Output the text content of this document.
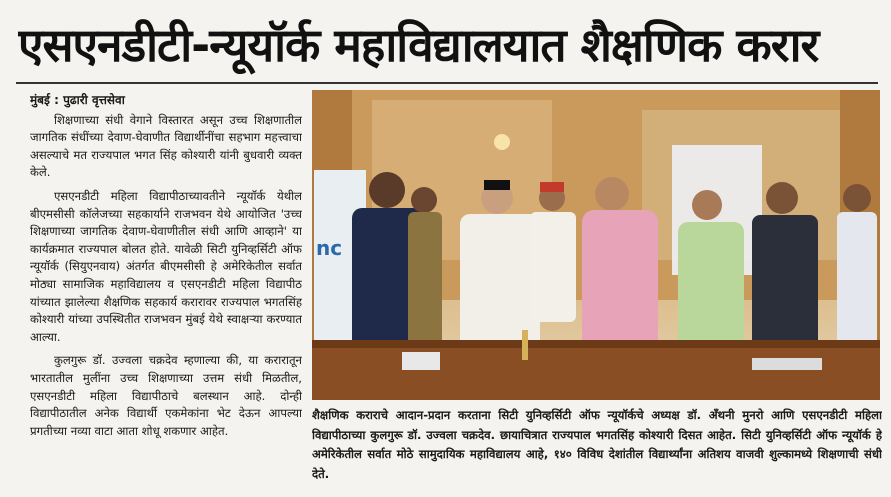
एसएनडीटी-न्यूयॉर्क महाविद्यालयात शैक्षणिक करार
मुंबई : पुढारी वृत्तसेवा

शिक्षणाच्या संधी वेगाने विस्तारत असून उच्च शिक्षणातील जागतिक संधींच्या देवाण-घेवाणीत विद्यार्थीनींचा सहभाग महत्त्वाचा असल्याचे मत राज्यपाल भगत सिंह कोश्यारी यांनी बुधवारी व्यक्त केले.

एसएनडीटी महिला विद्यापीठाच्यावतीने न्यूयॉर्क येथील बीएमसीसी कॉलेजच्या सहकार्याने राजभवन येथे आयोजित 'उच्च शिक्षणाच्या जागतिक देवाण-घेवाणीतील संधी आणि आव्हाने' या कार्यक्रमात राज्यपाल बोलत होते. यावेळी सिटी युनिव्हर्सिटी ऑफ न्यूयॉर्क (सियुएनवाय) अंतर्गत बीएमसीसी हे अमेरिकेतील सर्वात मोठ्या सामाजिक महाविद्यालय व एसएनडीटी महिला विद्यापीठ यांच्यात झालेल्या शैक्षणिक सहकार्य करारावर राज्यपाल भगतसिंह कोश्यारी यांच्या उपस्थितीत राजभवन मुंबई येथे स्वाक्षऱ्या करण्यात आल्या.

कुलगुरू डॉ. उज्वला चक्रदेव म्हणाल्या की, या करारातून भारतातील मुलींना उच्च शिक्षणाच्या उत्तम संधी मिळतील, एसएनडीटी महिला विद्यापीठाचे बलस्थान आहे. दोन्ही विद्यापीठातील अनेक विद्यार्थी एकमेकांना भेट देऊन आपल्या प्रगतीच्या नव्या वाटा आता शोधू शकणार आहेत.

nc
शैक्षणिक कराराचे आदान-प्रदान करताना सिटी युनिव्हर्सिटी ऑफ न्यूयॉर्कचे अध्यक्ष डॉ. अँथनी मुनरो आणि एसएनडीटी महिला विद्यापीठाच्या कुलगुरू डॉ. उज्वला चक्रदेव. छायाचित्रात राज्यपाल भगतसिंह कोश्यारी दिसत आहेत. सिटी युनिव्हर्सिटी ऑफ न्यूयॉर्क हे अमेरिकेतील सर्वात मोठे सामुदायिक महाविद्यालय आहे, १४० विविध देशांतील विद्यार्थ्यांना अतिशय वाजवी शुल्कामध्ये शिक्षणाची संधी देते.
